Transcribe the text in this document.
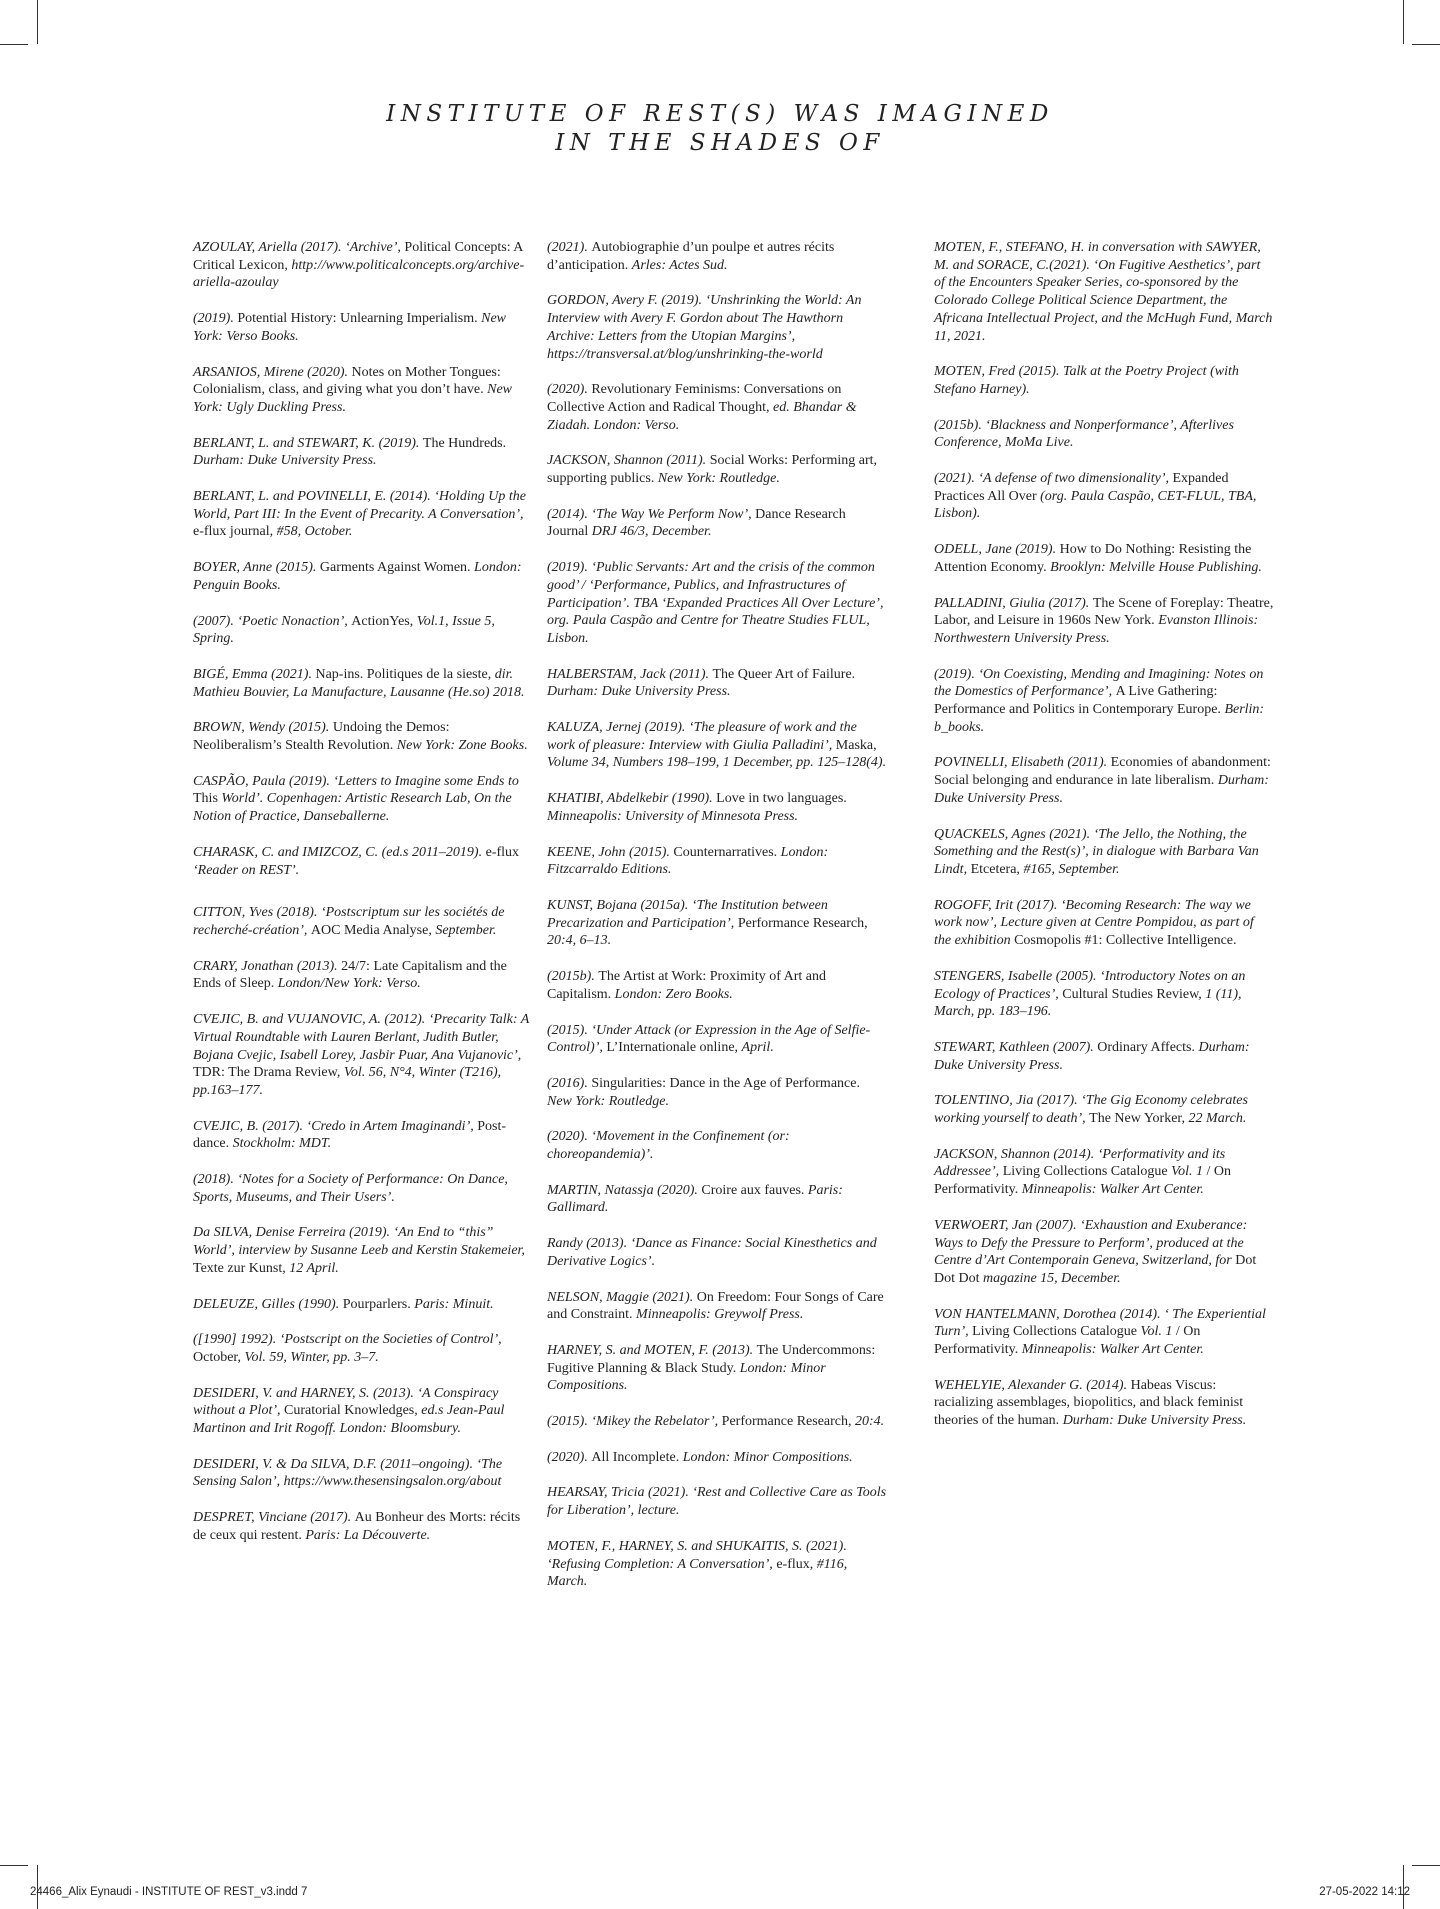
INSTITUTE OF REST(S) WAS IMAGINED
IN THE SHADES OF

AZOULAY, Ariella (2017). ‘Archive’, Political Concepts: A Critical Lexicon, http://www.politicalconcepts.org/archive-ariella-azoulay

(2019). Potential History: Unlearning Imperialism. New York: Verso Books.

ARSANIOS, Mirene (2020). Notes on Mother Tongues: Colonialism, class, and giving what you don’t have. New York: Ugly Duckling Press.

BERLANT, L. and STEWART, K. (2019). The Hundreds. Durham: Duke University Press.

BERLANT, L. and POVINELLI, E. (2014). ‘Holding Up the World, Part III: In the Event of Precarity. A Conversation’, e-flux journal, #58, October.

BOYER, Anne (2015). Garments Against Women. London: Penguin Books.

(2007). ‘Poetic Nonaction’, ActionYes, Vol.1, Issue 5, Spring.

BIGÉ, Emma (2021). Nap-ins. Politiques de la sieste, dir. Mathieu Bouvier, La Manufacture, Lausanne (He.so) 2018.

BROWN, Wendy (2015). Undoing the Demos: Neoliberalism’s Stealth Revolution. New York: Zone Books.

CASPÃO, Paula (2019). ‘Letters to Imagine some Ends to This World’. Copenhagen: Artistic Research Lab, On the Notion of Practice, Danseballerne.

CHARASK, C. and IMIZCOZ, C. (ed.s 2011–2019). e-flux ‘Reader on REST’.

CITTON, Yves (2018). ‘Postscriptum sur les sociétés de recherché-création’, AOC Media Analyse, September.

CRARY, Jonathan (2013). 24/7: Late Capitalism and the Ends of Sleep. London/New York: Verso.

CVEJIC, B. and VUJANOVIC, A. (2012). ‘Precarity Talk: A Virtual Roundtable with Lauren Berlant, Judith Butler, Bojana Cvejic, Isabell Lorey, Jasbir Puar, Ana Vujanovic’, TDR: The Drama Review, Vol. 56, N°4, Winter (T216), pp.163–177.

CVEJIC, B. (2017). ‘Credo in Artem Imaginandi’, Post-dance. Stockholm: MDT.

(2018). ‘Notes for a Society of Performance: On Dance, Sports, Museums, and Their Users’.

Da SILVA, Denise Ferreira (2019). ‘An End to “this” World’, interview by Susanne Leeb and Kerstin Stakemeier, Texte zur Kunst, 12 April.

DELEUZE, Gilles (1990). Pourparlers. Paris: Minuit.

([1990] 1992). ‘Postscript on the Societies of Control’, October, Vol. 59, Winter, pp. 3–7.

DESIDERI, V. and HARNEY, S. (2013). ‘A Conspiracy without a Plot’, Curatorial Knowledges, ed.s Jean-Paul Martinon and Irit Rogoff. London: Bloomsbury.

DESIDERI, V. & Da SILVA, D.F. (2011–ongoing). ‘The Sensing Salon’, https://www.thesensingsalon.org/about

DESPRET, Vinciane (2017). Au Bonheur des Morts: récits de ceux qui restent. Paris: La Découverte.

(2021). Autobiographie d’un poulpe et autres récits d’anticipation. Arles: Actes Sud.

GORDON, Avery F. (2019). ‘Unshrinking the World: An Interview with Avery F. Gordon about The Hawthorn Archive: Letters from the Utopian Margins’, https://transversal.at/blog/unshrinking-the-world

(2020). Revolutionary Feminisms: Conversations on Collective Action and Radical Thought, ed. Bhandar & Ziadah. London: Verso.

JACKSON, Shannon (2011). Social Works: Performing art, supporting publics. New York: Routledge.

(2014). ‘The Way We Perform Now’, Dance Research Journal DRJ 46/3, December.

(2019). ‘Public Servants: Art and the crisis of the common good’ / ‘Performance, Publics, and Infrastructures of Participation’. TBA ‘Expanded Practices All Over Lecture’, org. Paula Caspão and Centre for Theatre Studies FLUL, Lisbon.

HALBERSTAM, Jack (2011). The Queer Art of Failure. Durham: Duke University Press.

KALUZA, Jernej (2019). ‘The pleasure of work and the work of pleasure: Interview with Giulia Palladini’, Maska, Volume 34, Numbers 198–199, 1 December, pp. 125–128(4).

KHATIBI, Abdelkebir (1990). Love in two languages. Minneapolis: University of Minnesota Press.

KEENE, John (2015). Counternarratives. London: Fitzcarraldo Editions.

KUNST, Bojana (2015a). ‘The Institution between Precarization and Participation’, Performance Research, 20:4, 6–13.

(2015b). The Artist at Work: Proximity of Art and Capitalism. London: Zero Books.

(2015). ‘Under Attack (or Expression in the Age of Selfie-Control)’, L’Internationale online, April.

(2016). Singularities: Dance in the Age of Performance. New York: Routledge.

(2020). ‘Movement in the Confinement (or: choreopandemia)’.

MARTIN, Natassja (2020). Croire aux fauves. Paris: Gallimard.

Randy (2013). ‘Dance as Finance: Social Kinesthetics and Derivative Logics’.

NELSON, Maggie (2021). On Freedom: Four Songs of Care and Constraint. Minneapolis: Greywolf Press.

HARNEY, S. and MOTEN, F. (2013). The Undercommons: Fugitive Planning & Black Study. London: Minor Compositions.

(2015). ‘Mikey the Rebelator’, Performance Research, 20:4.

(2020). All Incomplete. London: Minor Compositions.

HEARSAY, Tricia (2021). ‘Rest and Collective Care as Tools for Liberation’, lecture.

MOTEN, F., HARNEY, S. and SHUKAITIS, S. (2021). ‘Refusing Completion: A Conversation’, e-flux, #116, March.

MOTEN, F., STEFANO, H. in conversation with SAWYER, M. and SORACE, C.(2021). ‘On Fugitive Aesthetics’, part of the Encounters Speaker Series, co-sponsored by the Colorado College Political Science Department, the Africana Intellectual Project, and the McHugh Fund, March 11, 2021.

MOTEN, Fred (2015). Talk at the Poetry Project (with Stefano Harney).

(2015b). ‘Blackness and Nonperformance’, Afterlives Conference, MoMa Live.

(2021). ‘A defense of two dimensionality’, Expanded Practices All Over (org. Paula Caspão, CET-FLUL, TBA, Lisbon).

ODELL, Jane (2019). How to Do Nothing: Resisting the Attention Economy. Brooklyn: Melville House Publishing.

PALLADINI, Giulia (2017). The Scene of Foreplay: Theatre, Labor, and Leisure in 1960s New York. Evanston Illinois: Northwestern University Press.

(2019). ‘On Coexisting, Mending and Imagining: Notes on the Domestics of Performance’, A Live Gathering: Performance and Politics in Contemporary Europe. Berlin: b_books.

POVINELLI, Elisabeth (2011). Economies of abandonment: Social belonging and endurance in late liberalism. Durham: Duke University Press.

QUACKELS, Agnes (2021). ‘The Jello, the Nothing, the Something and the Rest(s)’, in dialogue with Barbara Van Lindt, Etcetera, #165, September.

ROGOFF, Irit (2017). ‘Becoming Research: The way we work now’, Lecture given at Centre Pompidou, as part of the exhibition Cosmopolis #1: Collective Intelligence.

STENGERS, Isabelle (2005). ‘Introductory Notes on an Ecology of Practices’, Cultural Studies Review, 1 (11), March, pp. 183–196.

STEWART, Kathleen (2007). Ordinary Affects. Durham: Duke University Press.

TOLENTINO, Jia (2017). ‘The Gig Economy celebrates working yourself to death’, The New Yorker, 22 March.

JACKSON, Shannon (2014). ‘Performativity and its Addressee’, Living Collections Catalogue Vol. 1 / On Performativity. Minneapolis: Walker Art Center.

VERWOERT, Jan (2007). ‘Exhaustion and Exuberance: Ways to Defy the Pressure to Perform’, produced at the Centre d’Art Contemporain Geneva, Switzerland, for Dot Dot Dot magazine 15, December.

VON HANTELMANN, Dorothea (2014). ‘ The Experiential Turn’, Living Collections Catalogue Vol. 1 / On Performativity. Minneapolis: Walker Art Center.

WEHELYIE, Alexander G. (2014). Habeas Viscus: racializing assemblages, biopolitics, and black feminist theories of the human. Durham: Duke University Press.

24466_Alix Eynaudi - INSTITUTE OF REST_v3.indd 7	27-05-2022 14:12
